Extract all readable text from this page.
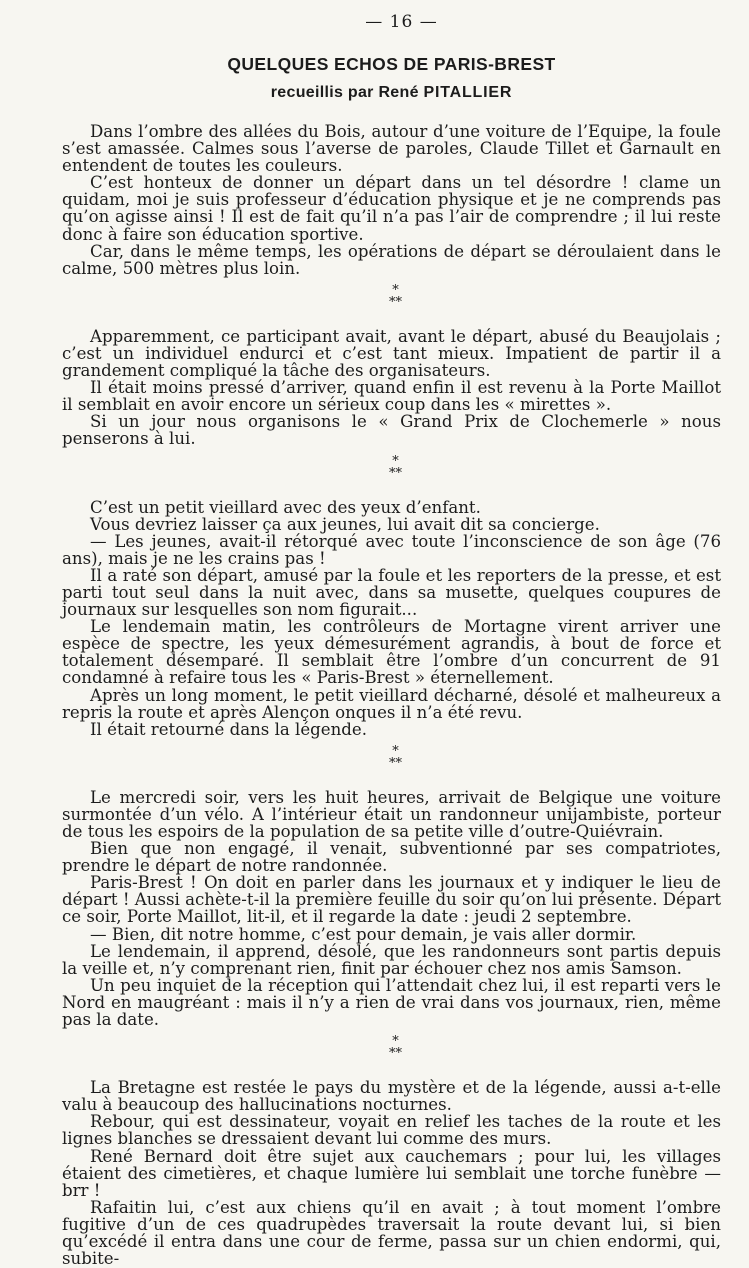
— 16 —
QUELQUES ECHOS DE PARIS-BREST
recueillis par René PITALLIER

Dans l’ombre des allées du Bois, autour d’une voiture de l’Equipe, la foule s’est amassée. Calmes sous l’averse de paroles, Claude Tillet et Garnault en entendent de toutes les couleurs.

C’est honteux de donner un départ dans un tel désordre ! clame un quidam, moi je suis professeur d’éducation physique et je ne comprends pas qu’on agisse ainsi ! Il est de fait qu’il n’a pas l’air de comprendre ; il lui reste donc à faire son éducation sportive.

Car, dans le même temps, les opérations de départ se déroulaient dans le calme, 500 mètres plus loin.

*
**

Apparemment, ce participant avait, avant le départ, abusé du Beaujolais ; c’est un individuel endurci et c’est tant mieux. Impatient de partir il a grandement compliqué la tâche des organisateurs.

Il était moins pressé d’arriver, quand enfin il est revenu à la Porte Maillot il semblait en avoir encore un sérieux coup dans les « mirettes ».

Si un jour nous organisons le « Grand Prix de Clochemerle » nous penserons à lui.

*
**

C’est un petit vieillard avec des yeux d’enfant.

Vous devriez laisser ça aux jeunes, lui avait dit sa concierge.

— Les jeunes, avait-il rétorqué avec toute l’inconscience de son âge (76 ans), mais je ne les crains pas !

Il a raté son départ, amusé par la foule et les reporters de la presse, et est parti tout seul dans la nuit avec, dans sa musette, quelques coupures de journaux sur lesquelles son nom figurait...

Le lendemain matin, les contrôleurs de Mortagne virent arriver une espèce de spectre, les yeux démesurément agrandis, à bout de force et totalement désemparé. Il semblait être l’ombre d’un concurrent de 91 condamné à refaire tous les « Paris-Brest » éternellement.

Après un long moment, le petit vieillard décharné, désolé et malheureux a repris la route et après Alençon onques il n’a été revu.

Il était retourné dans la légende.

*
**

Le mercredi soir, vers les huit heures, arrivait de Belgique une voiture surmontée d’un vélo. A l’intérieur était un randonneur unijambiste, porteur de tous les espoirs de la population de sa petite ville d’outre-Quiévrain.

Bien que non engagé, il venait, subventionné par ses compatriotes, prendre le départ de notre randonnée.

Paris-Brest ! On doit en parler dans les journaux et y indiquer le lieu de départ ! Aussi achète-t-il la première feuille du soir qu’on lui présente. Départ ce soir, Porte Maillot, lit-il, et il regarde la date : jeudi 2 septembre.

— Bien, dit notre homme, c’est pour demain, je vais aller dormir.

Le lendemain, il apprend, désolé, que les randonneurs sont partis depuis la veille et, n’y comprenant rien, finit par échouer chez nos amis Samson.

Un peu inquiet de la réception qui l’attendait chez lui, il est reparti vers le Nord en maugréant : mais il n’y a rien de vrai dans vos journaux, rien, même pas la date.

*
**

La Bretagne est restée le pays du mystère et de la légende, aussi a-t-elle valu à beaucoup des hallucinations nocturnes.

Rebour, qui est dessinateur, voyait en relief les taches de la route et les lignes blanches se dressaient devant lui comme des murs.

René Bernard doit être sujet aux cauchemars ; pour lui, les villages étaient des cimetières, et chaque lumière lui semblait une torche funèbre — brr !

Rafaitin lui, c’est aux chiens qu’il en avait ; à tout moment l’ombre fugitive d’un de ces quadrupèdes traversait la route devant lui, si bien qu’excédé il entra dans une cour de ferme, passa sur un chien endormi, qui, subite-
